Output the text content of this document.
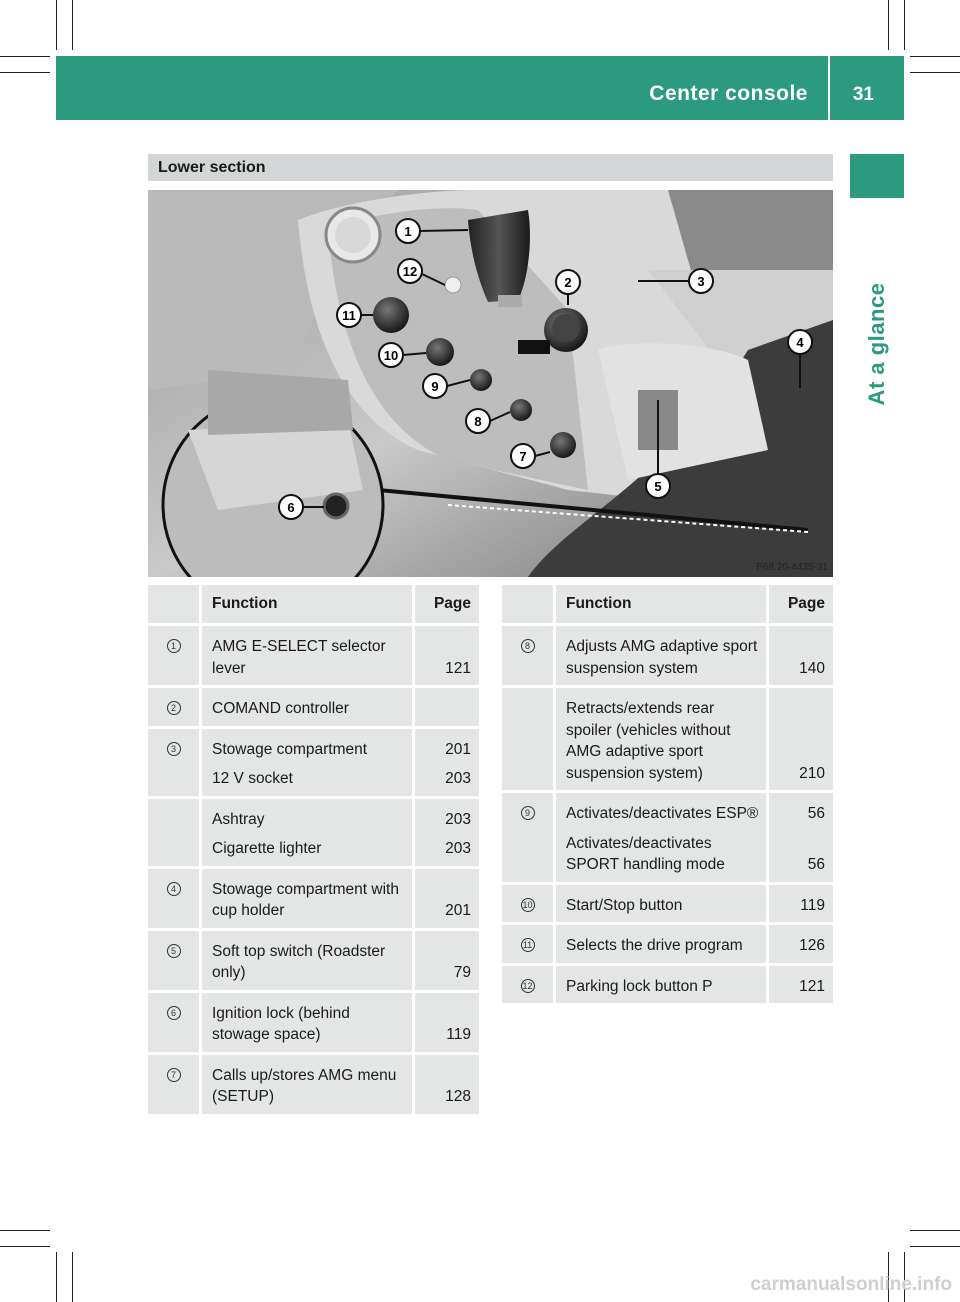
Center console 31
At a glance
Lower section
1
2	3
4
5
6
7
8
9
10
11
12
P68.20-4435-31
		Function		Page

1		AMG E-SELECT selector lever		121

2		COMAND controller		

3		Stowage compartment		201
		12 V socket		203

		Ashtray		203
		Cigarette lighter		203

4		Stowage compartment with cup holder		201

5		Soft top switch (Roadster only)		79

6		Ignition lock (behind stowage space)		119

7		Calls up/stores AMG menu (SETUP)		128
		Function		Page

8		Adjusts AMG adaptive sport suspension system		140

		Retracts/extends rear spoiler (vehicles without AMG adaptive sport suspension system)		210

9		Activates/deactivates ESP®		56
		Activates/deactivates SPORT handling mode		56

10		Start/Stop button		119

11		Selects the drive program		126

12		Parking lock button P		121
carmanualsonline.info
